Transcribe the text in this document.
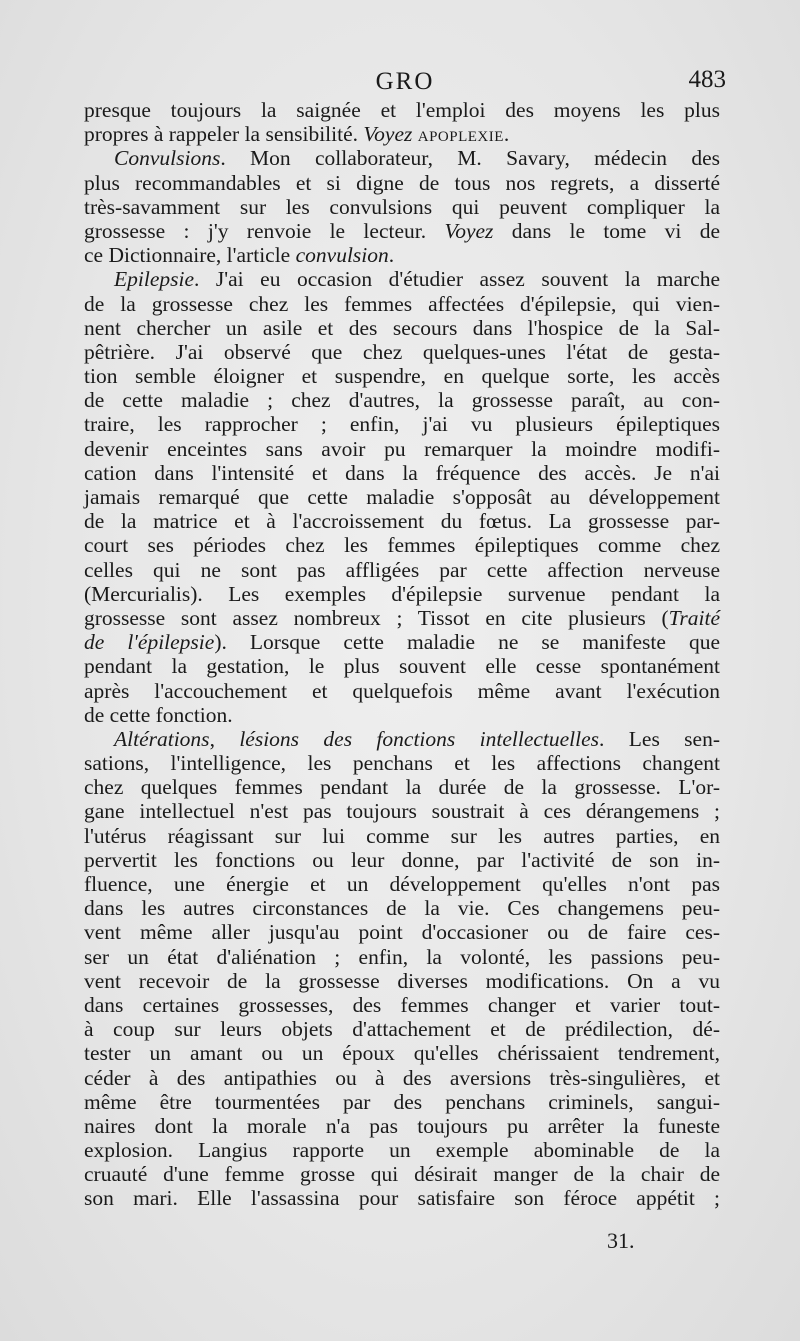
GRO	483
presque toujours la saignée et l'emploi des moyens les plus
propres à rappeler la sensibilité. Voyez apoplexie.
Convulsions. Mon collaborateur, M. Savary, médecin des
plus recommandables et si digne de tous nos regrets, a disserté
très-savamment sur les convulsions qui peuvent compliquer la
grossesse : j'y renvoie le lecteur. Voyez dans le tome vi de
ce Dictionnaire, l'article convulsion.
Epilepsie. J'ai eu occasion d'étudier assez souvent la marche
de la grossesse chez les femmes affectées d'épilepsie, qui vien-
nent chercher un asile et des secours dans l'hospice de la Sal-
pêtrière. J'ai observé que chez quelques-unes l'état de gesta-
tion semble éloigner et suspendre, en quelque sorte, les accès
de cette maladie ; chez d'autres, la grossesse paraît, au con-
traire, les rapprocher ; enfin, j'ai vu plusieurs épileptiques
devenir enceintes sans avoir pu remarquer la moindre modifi-
cation dans l'intensité et dans la fréquence des accès. Je n'ai
jamais remarqué que cette maladie s'opposât au développement
de la matrice et à l'accroissement du fœtus. La grossesse par-
court ses périodes chez les femmes épileptiques comme chez
celles qui ne sont pas affligées par cette affection nerveuse
(Mercurialis). Les exemples d'épilepsie survenue pendant la
grossesse sont assez nombreux ; Tissot en cite plusieurs (Traité
de l'épilepsie). Lorsque cette maladie ne se manifeste que
pendant la gestation, le plus souvent elle cesse spontanément
après l'accouchement et quelquefois même avant l'exécution
de cette fonction.
Altérations, lésions des fonctions intellectuelles. Les sen-
sations, l'intelligence, les penchans et les affections changent
chez quelques femmes pendant la durée de la grossesse. L'or-
gane intellectuel n'est pas toujours soustrait à ces dérangemens ;
l'utérus réagissant sur lui comme sur les autres parties, en
pervertit les fonctions ou leur donne, par l'activité de son in-
fluence, une énergie et un développement qu'elles n'ont pas
dans les autres circonstances de la vie. Ces changemens peu-
vent même aller jusqu'au point d'occasioner ou de faire ces-
ser un état d'aliénation ; enfin, la volonté, les passions peu-
vent recevoir de la grossesse diverses modifications. On a vu
dans certaines grossesses, des femmes changer et varier tout-
à coup sur leurs objets d'attachement et de prédilection, dé-
tester un amant ou un époux qu'elles chérissaient tendrement,
céder à des antipathies ou à des aversions très-singulières, et
même être tourmentées par des penchans criminels, sangui-
naires dont la morale n'a pas toujours pu arrêter la funeste
explosion. Langius rapporte un exemple abominable de la
cruauté d'une femme grosse qui désirait manger de la chair de
son mari. Elle l'assassina pour satisfaire son féroce appétit ;
31.
